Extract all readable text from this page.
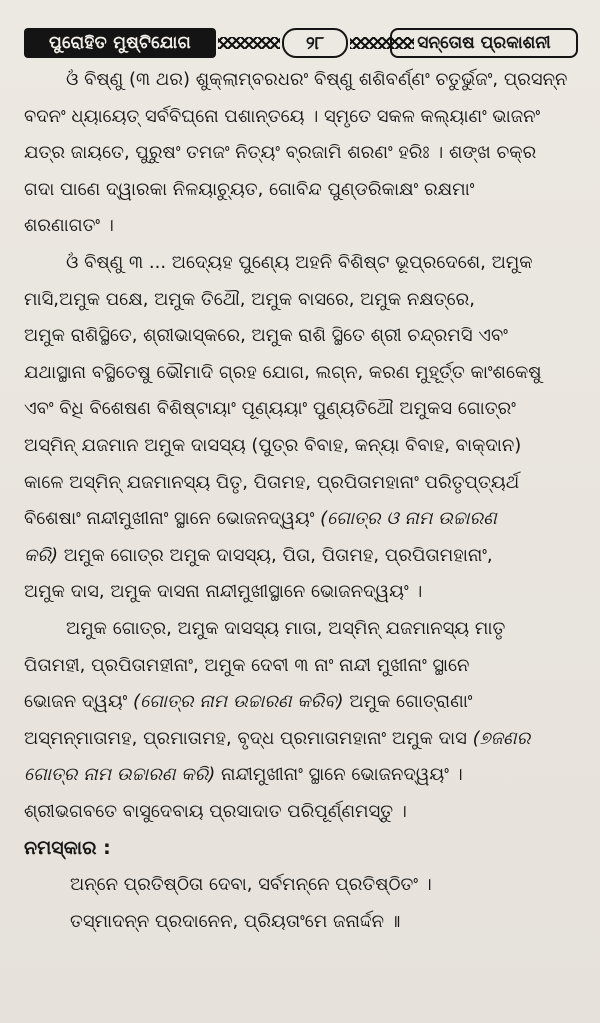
ପୁରୋହିତ ମୁଷ୍ଟିଯୋଗ	୨୮	ସନ୍ତୋଷ ପ୍ରକାଶନୀ

ଓଁ ବିଷ୍ଣୁ (୩ ଥର) ଶୁକ୍ଲାମ୍ବରଧରଂ ବିଷ୍ଣୁ ଶଶିବର୍ଣ୍ଣଂ ଚତୁର୍ଭୁଜଂ, ପ୍ରସନ୍ନ
ବଦନଂ ଧ୍ୟାୟେତ୍ ସର୍ବବିଘ୍ନୋ ପଶାନ୍ତୟେ । ସ୍ମୃତେ ସକଳ କଲ୍ୟାଣଂ ଭାଜନଂ
ଯତ୍ର ଜାୟତେ, ପୁରୁଷଂ ତମଜଂ ନିତ୍ୟଂ ବ୍ରଜାମି ଶରଣଂ ହରିଃ । ଶଙ୍ଖ ଚକ୍ର
ଗଦା ପାଣେ ଦ୍ୱାରକା ନିଳୟାଚ୍ୟୁତ, ଗୋବିନ୍ଦ ପୁଣ୍ଡରିକାକ୍ଷଂ ରକ୍ଷମାଂ
ଶରଣାଗତଂ ।

ଓଁ ବିଷ୍ଣୁ ୩ ... ଅଦ୍ୟେହ ପୁଣ୍ୟେ ଅହନି ବିଶିଷ୍ଟ ଭୂପ୍ରଦେଶେ, ଅମୁକ
ମାସି,ଅମୁକ ପକ୍ଷେ, ଅମୁକ ତିଥୌ, ଅମୁକ ବାସରେ, ଅମୁକ ନକ୍ଷତ୍ରେ,
ଅମୁକ ରାଶିସ୍ଥିତେ, ଶ୍ରୀଭାସ୍କରେ, ଅମୁକ ରାଶି ସ୍ଥିତେ ଶ୍ରୀ ଚନ୍ଦ୍ରମସି ଏବଂ
ଯଥାସ୍ଥାନା ବସ୍ଥିତେଷୁ ଭୌମାଦି ଗ୍ରହ ଯୋଗ, ଲଗ୍ନ, କରଣ ମୁହୂର୍ତ୍ତ କାଂଶକେଷୁ
ଏବଂ ବିଧି ବିଶେଷଣ ବିଶିଷ୍ଟାୟାଂ ପୂଣ୍ୟୟାଂ ପୁଣ୍ୟତିଥୌ ଅମୁକସ ଗୋତ୍ରଂ
ଅସ୍ମିନ୍ ଯଜମାନ ଅମୁକ ଦାସସ୍ୟ (ପୁତ୍ର ବିବାହ, କନ୍ୟା ବିବାହ, ବାକ୍‌ଦାନ)
କାଳେ ଅସ୍ମିନ୍ ଯଜମାନସ୍ୟ ପିତୃ, ପିତାମହ, ପ୍ରପିତାମହାନାଂ ପରିତୃପ୍ତ୍ୟର୍ଥ
ବିଶେଷାଂ ନାନ୍ଦୀମୁଖୀନାଂ ସ୍ଥାନେ ଭୋଜନଦ୍ୱୟଂ (ଗୋତ୍ର ଓ ନାମ ଉଚ୍ଚାରଣ
କରି) ଅମୁକ ଗୋତ୍ର ଅମୁକ ଦାସସ୍ୟ, ପିତା, ପିତାମହ, ପ୍ରପିତାମହାନାଂ,
ଅମୁକ ଦାସ, ଅମୁକ ଦାସନା ନାନ୍ଦୀମୁଖୀସ୍ଥାନେ ଭୋଜନଦ୍ୱୟଂ ।

ଅମୁକ ଗୋତ୍ର, ଅମୁକ ଦାସସ୍ୟ ମାତା, ଅସ୍ମିନ୍ ଯଜମାନସ୍ୟ ମାତୃ
ପିତାମହୀ, ପ୍ରପିତାମହୀନାଂ, ଅମୁକ ଦେବୀ ୩ ନାଂ ନାନ୍ଦୀ ମୁଖୀନାଂ ସ୍ଥାନେ
ଭୋଜନ ଦ୍ୱୟଂ (ଗୋତ୍ର ନାମ ଉଚ୍ଚାରଣ କରିବ) ଅମୁକ ଗୋତ୍ରାଣାଂ
ଅସ୍ମନ୍ମାତାମହ, ପ୍ରମାତାମହ, ବୃଦ୍ଧ ପ୍ରମାତାମହାନାଂ ଅମୁକ ଦାସ (୭ଜଣର
ଗୋତ୍ର ନାମ ଉଚ୍ଚାରଣ କରି) ନାନ୍ଦୀମୁଖୀନାଂ ସ୍ଥାନେ ଭୋଜନଦ୍ୱୟଂ ।
ଶ୍ରୀଭଗବତେ ବାସୁଦେବାୟ ପ୍ରସାଦାତ ପରିପୂର୍ଣ୍ଣମସ୍ତୁ ।

ନମସ୍କାର :

ଅନ୍ନେ ପ୍ରତିଷ୍ଠିତା ଦେବା, ସର୍ବମନ୍ନେ ପ୍ରତିଷ୍ଠିତଂ ।
ତସ୍ମାଦନ୍ନ ପ୍ରଦାନେନ, ପ୍ରିୟତାଂମେ ଜନାର୍ଦ୍ଦନ ॥
